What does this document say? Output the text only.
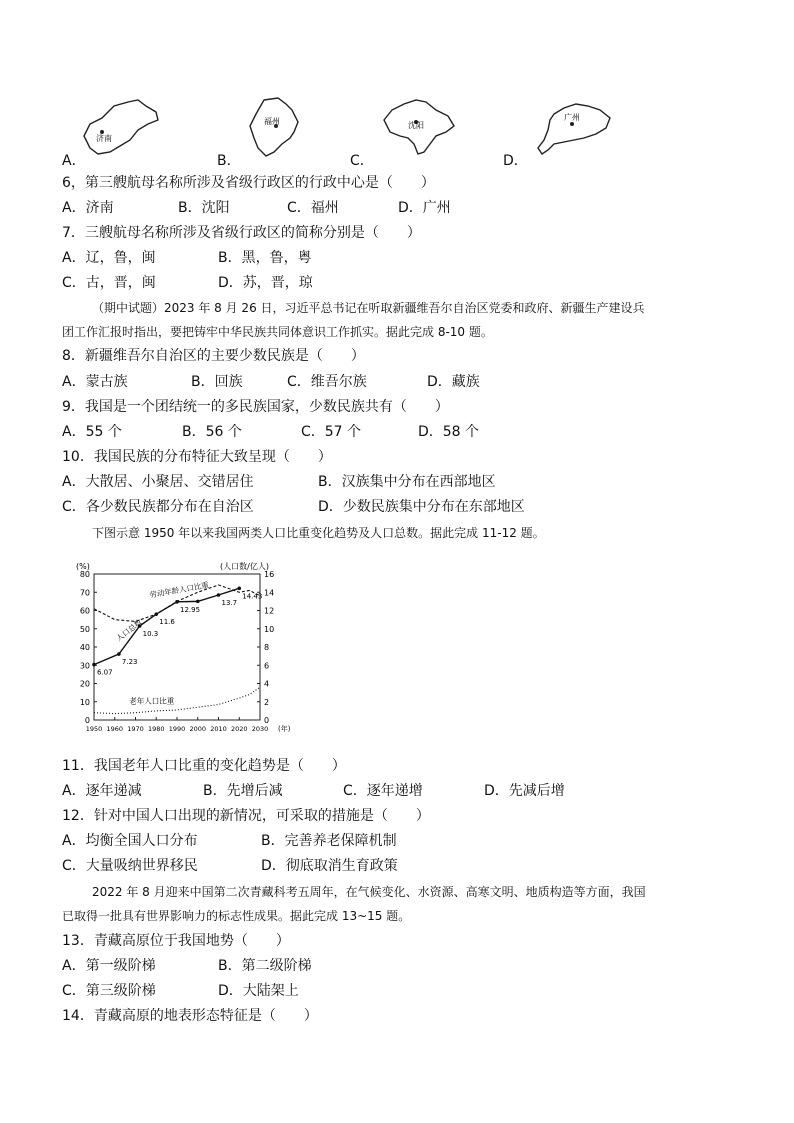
A．
济南
B．
福州
C．
沈阳
D．
广州
6，第三艘航母名称所涉及省级行政区的行政中心是（　　）
A．济南	B．沈阳	C．福州	D．广州
7．三艘航母名称所涉及省级行政区的简称分别是（　　）
A．辽，鲁，闽	B．黑，鲁，粤
C．古，晋，闽	D．苏，晋，琼
（期中试题）2023 年 8 月 26 日，习近平总书记在听取新疆维吾尔自治区党委和政府、新疆生产建设兵
团工作汇报时指出，要把铸牢中华民族共同体意识工作抓实。据此完成 8-10 题。
8．新疆维吾尔自治区的主要少数民族是（　　）
A．蒙古族	B．回族	C．维吾尔族	D．藏族
9．我国是一个团结统一的多民族国家，少数民族共有（　　）
A．55 个	B．56 个	C．57 个	D．58 个
10．我国民族的分布特征大致呈现（　　）
A．大散居、小聚居、交错居住	B．汉族集中分布在西部地区
C．各少数民族都分布在自治区	D．少数民族集中分布在东部地区
下图示意 1950 年以来我国两类人口比重变化趋势及人口总数。据此完成 11-12 题。
0
10
20
30
40
50
60
70
80
0
2
4
6
8
10
12
14
16
1950 1960 1970 1980 1990 2000 2010 2020 2030
(%)	(人口数/亿人)
(年)
6.07
7.23
10.3
11.6
12.95
13.7
14.43
劳动年龄人口比重
人口总数
老年人口比重
11．我国老年人口比重的变化趋势是（　　）
A．逐年递减	B．先增后减	C．逐年递增	D．先减后增
12．针对中国人口出现的新情况，可采取的措施是（　　）
A．均衡全国人口分布	B．完善养老保障机制
C．大量吸纳世界移民	D．彻底取消生育政策
2022 年 8 月迎来中国第二次青藏科考五周年，在气候变化、水资源、高寒文明、地质构造等方面，我国
已取得一批具有世界影响力的标志性成果。据此完成 13~15 题。
13．青藏高原位于我国地势（　　）
A．第一级阶梯	B．第二级阶梯
C．第三级阶梯	D．大陆架上
14．青藏高原的地表形态特征是（　　）
